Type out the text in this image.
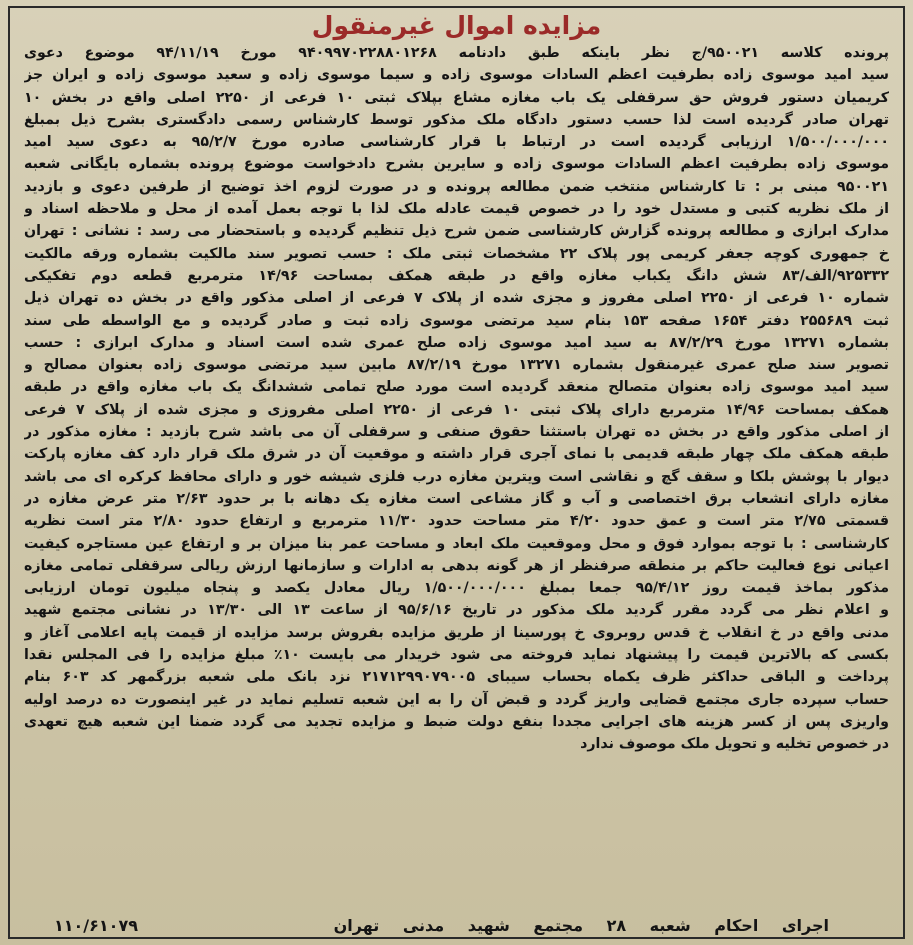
مزایده اموال غیرمنقول
پرونده کلاسه ۹۵۰۰۲۱/ج نظر باینکه طبق دادنامه ۹۴۰۹۹۷۰۲۲۸۸۰۱۲۶۸ مورخ ۹۴/۱۱/۱۹ موضوع دعوی
سید امید موسوی زاده بطرفیت اعظم السادات موسوی زاده و سیما موسوی زاده و سعید موسوی زاده و ایران جز
کریمیان دستور فروش حق سرقفلی یک باب مغازه مشاع بپلاک ثبتی ۱۰ فرعی از ۲۲۵۰ اصلی واقع در بخش ۱۰
تهران صادر گردیده است لذا حسب دستور دادگاه ملک مذکور توسط کارشناس رسمی دادگستری بشرح ذیل بمبلغ
۱/۵۰۰/۰۰۰/۰۰۰ ارزیابی گردیده است در ارتباط با قرار کارشناسی صادره مورخ ۹۵/۲/۷ به دعوی سید امید
موسوی زاده بطرفیت اعظم السادات موسوی زاده و سایرین بشرح دادخواست موضوع پرونده بشماره بایگانی شعبه
۹۵۰۰۲۱ مبنی بر : تا کارشناس منتخب ضمن مطالعه پرونده و در صورت لزوم اخذ توضیح از طرفین دعوی و بازدید
از ملک نظریه کتبی و مستدل خود را در خصوص قیمت عادله ملک لذا با توجه بعمل آمده از محل و ملاحظه اسناد و
مدارک ابرازی و مطالعه پرونده گزارش کارشناسی ضمن شرح ذیل تنظیم گردیده و باستحضار می رسد : نشانی : تهران
خ جمهوری کوچه جعفر کریمی پور پلاک ۲۲ مشخصات ثبتی ملک : حسب تصویر سند مالکیت بشماره ورقه مالکیت
۹۲۵۳۳۲/الف/۸۳ شش دانگ یکباب مغازه واقع در طبقه همکف بمساحت ۱۴/۹۶ مترمربع قطعه دوم تفکیکی
شماره ۱۰ فرعی از ۲۲۵۰ اصلی مفروز و مجزی شده از پلاک ۷ فرعی از اصلی مذکور واقع در بخش ده تهران ذیل
ثبت ۲۵۵۶۸۹ دفتر ۱۶۵۴ صفحه ۱۵۳ بنام سید مرتضی موسوی زاده ثبت و صادر گردیده و مع الواسطه طی سند
بشماره ۱۳۲۷۱ مورخ ۸۷/۲/۲۹ به سید امید موسوی زاده صلح عمری شده است اسناد و مدارک ابرازی : حسب
تصویر سند صلح عمری غیرمنقول بشماره ۱۳۲۷۱ مورخ ۸۷/۲/۱۹ مابین سید مرتضی موسوی زاده بعنوان مصالح و
سید امید موسوی زاده بعنوان متصالح منعقد گردیده است مورد صلح تمامی ششدانگ یک باب مغازه واقع در طبقه
همکف بمساحت ۱۴/۹۶ مترمربع دارای پلاک ثبتی ۱۰ فرعی از ۲۲۵۰ اصلی مفروزی و مجزی شده از پلاک ۷ فرعی
از اصلی مذکور واقع در بخش ده تهران باستثنا حقوق صنفی و سرقفلی آن می باشد شرح بازدید : مغازه مذکور در
طبقه همکف ملک چهار طبقه قدیمی با نمای آجری قرار داشته و موقعیت آن در شرق ملک قرار دارد کف مغازه پارکت
دیوار با پوشش بلکا و سقف گچ و نقاشی است ویترین مغازه درب فلزی شیشه خور و دارای محافظ کرکره ای می باشد
مغازه دارای انشعاب برق اختصاصی و آب و گاز مشاعی است مغازه یک دهانه با بر حدود ۲/۶۳ متر عرض مغازه در
قسمتی ۲/۷۵ متر است و عمق حدود ۴/۲۰ متر مساحت حدود ۱۱/۳۰ مترمربع و ارتفاع حدود ۲/۸۰ متر است نظریه
کارشناسی : با توجه بموارد فوق و محل وموقعیت ملک ابعاد و مساحت عمر بنا میزان بر و ارتفاع عین مستاجره کیفیت
اعیانی نوع فعالیت حاکم بر منطقه صرفنظر از هر گونه بدهی به ادارات و سازمانها ارزش ریالی سرقفلی تمامی مغازه
مذکور بماخذ قیمت روز ۹۵/۴/۱۲ جمعا بمبلغ ۱/۵۰۰/۰۰۰/۰۰۰ ریال معادل یکصد و پنجاه میلیون تومان ارزیابی
و اعلام نظر می گردد مقرر گردید ملک مذکور در تاریخ ۹۵/۶/۱۶ از ساعت ۱۳ الی ۱۳/۳۰ در نشانی مجتمع شهید
مدنی واقع در خ انقلاب خ قدس روبروی خ پورسینا از طریق مزایده بفروش برسد مزایده از قیمت پایه اعلامی آغاز و
بکسی که بالاترین قیمت را پیشنهاد نماید فروخته می شود خریدار می بایست ۱۰٪ مبلغ مزایده را فی المجلس نقدا
پرداخت و الباقی حداکثر ظرف یکماه بحساب سیبای ۲۱۷۱۲۹۹۰۷۹۰۰۵ نزد بانک ملی شعبه بزرگمهر کد ۶۰۳ بنام
حساب سپرده جاری مجتمع قضایی واریز گردد و قبض آن را به این شعبه تسلیم نماید در غیر اینصورت ده درصد اولیه
واریزی پس از کسر هزینه های اجرایی مجددا بنفع دولت ضبط و مزایده تجدید می گردد ضمنا این شعبه هیچ تعهدی
در خصوص تخلیه و تحویل ملک موصوف ندارد
اجرای احکام شعبه ۲۸ مجتمع شهید مدنی تهران
۱۱۰/۶۱۰۷۹
